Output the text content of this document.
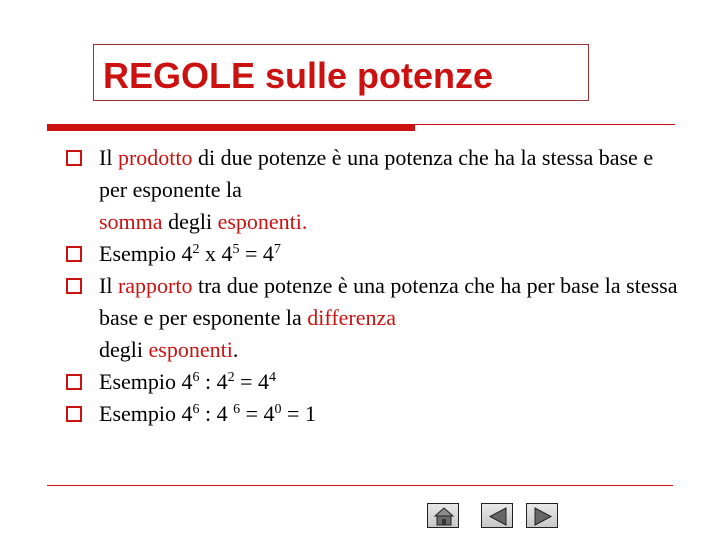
REGOLE sulle potenze
Il prodotto di due potenze è una potenza che ha la stessa base e per esponente la
somma degli esponenti.
Esempio $4^2$ x $4^5 = 4^7$
Il rapporto tra due potenze è una potenza che ha per base la stessa base e per esponente la differenza
degli esponenti.
Esempio $4^6$ : $4^2 = 4^4$
Esempio $4^6$ : 4 $^6 = 4^0 = 1$
